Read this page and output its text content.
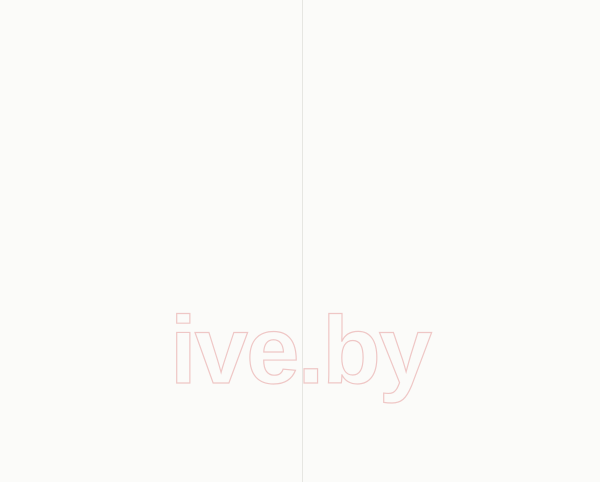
ive.by
